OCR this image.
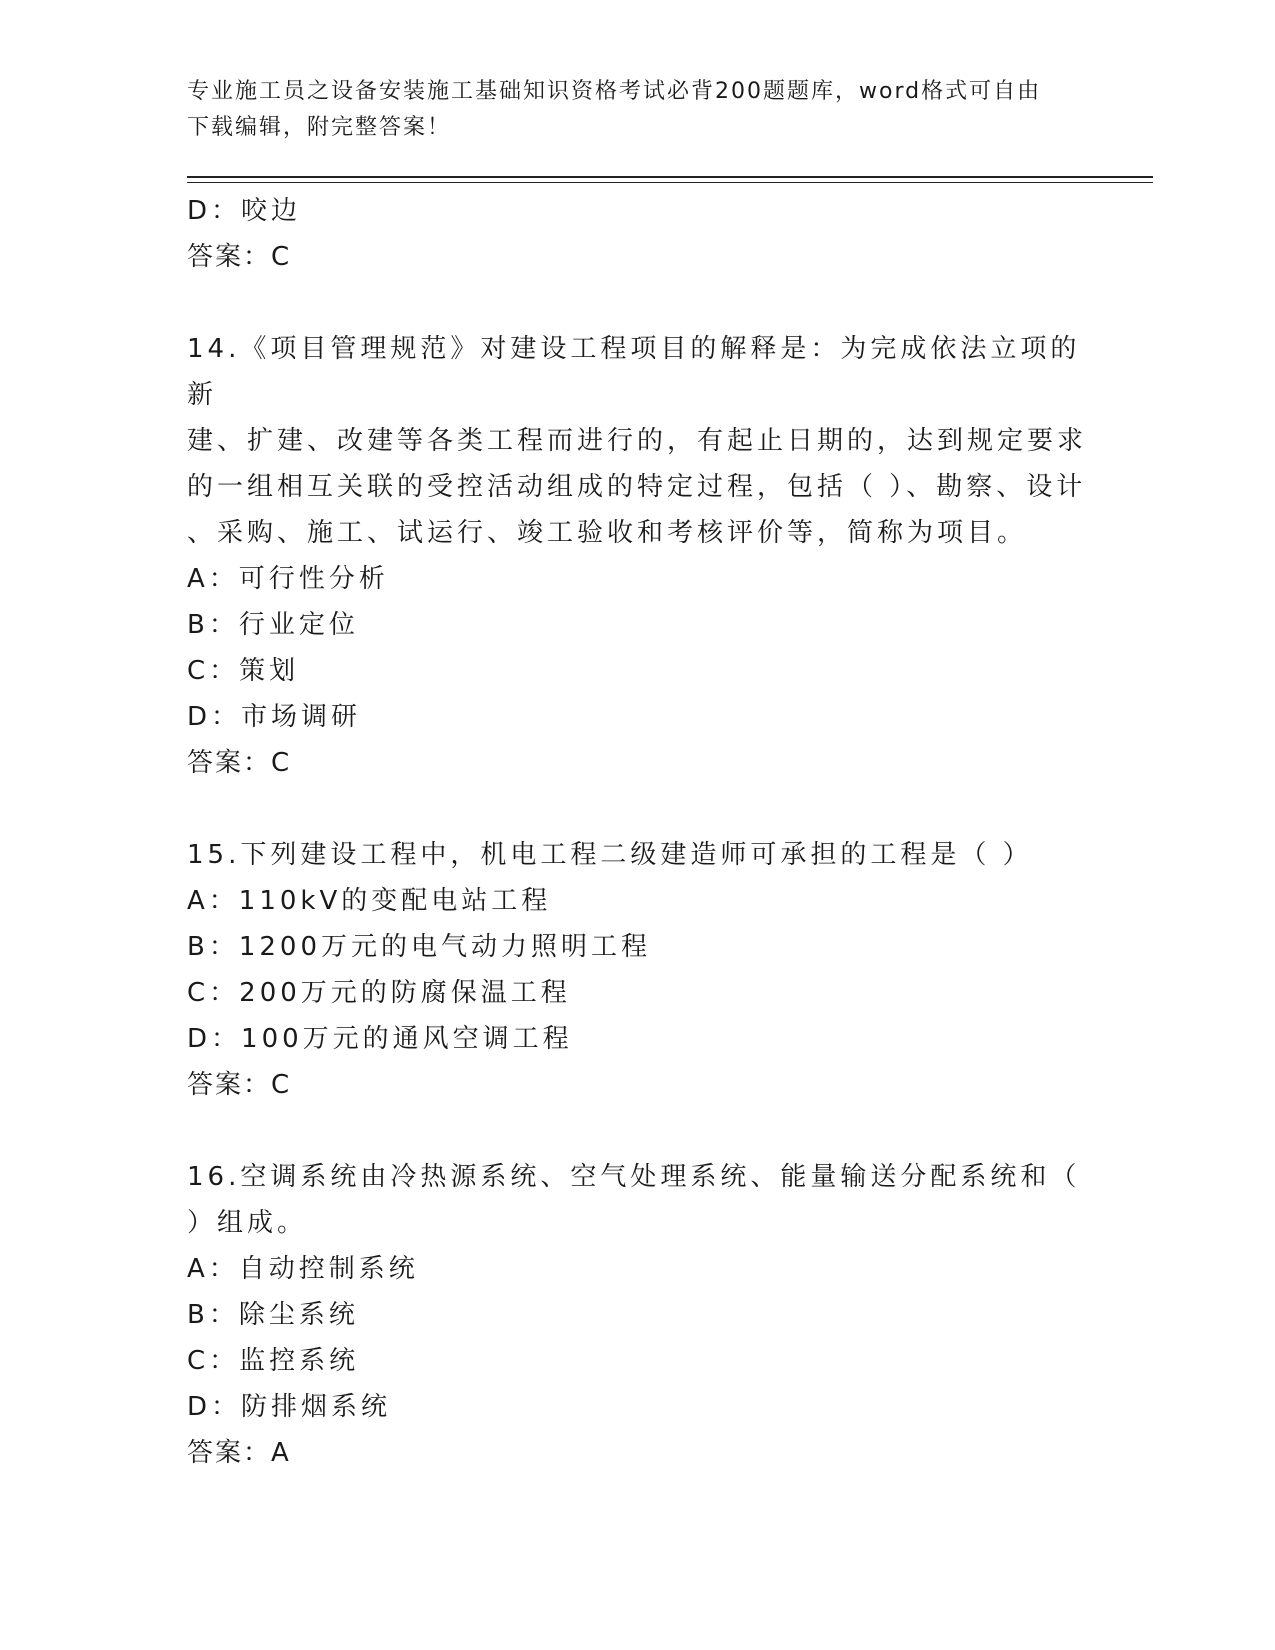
专业施工员之设备安装施工基础知识资格考试必背200题题库，word格式可自由
下载编辑，附完整答案！
D：咬边
答案：C
14.《项目管理规范》对建设工程项目的解释是：为完成依法立项的新
建、扩建、改建等各类工程而进行的，有起止日期的，达到规定要求
的一组相互关联的受控活动组成的特定过程，包括（ ）、勘察、设计
、采购、施工、试运行、竣工验收和考核评价等，简称为项目。
A：可行性分析
B：行业定位
C：策划
D：市场调研
答案：C
15.下列建设工程中，机电工程二级建造师可承担的工程是（ ）
A：110kV的变配电站工程
B：1200万元的电气动力照明工程
C：200万元的防腐保温工程
D：100万元的通风空调工程
答案：C
16.空调系统由冷热源系统、空气处理系统、能量输送分配系统和（
）组成。
A：自动控制系统
B：除尘系统
C：监控系统
D：防排烟系统
答案：A
